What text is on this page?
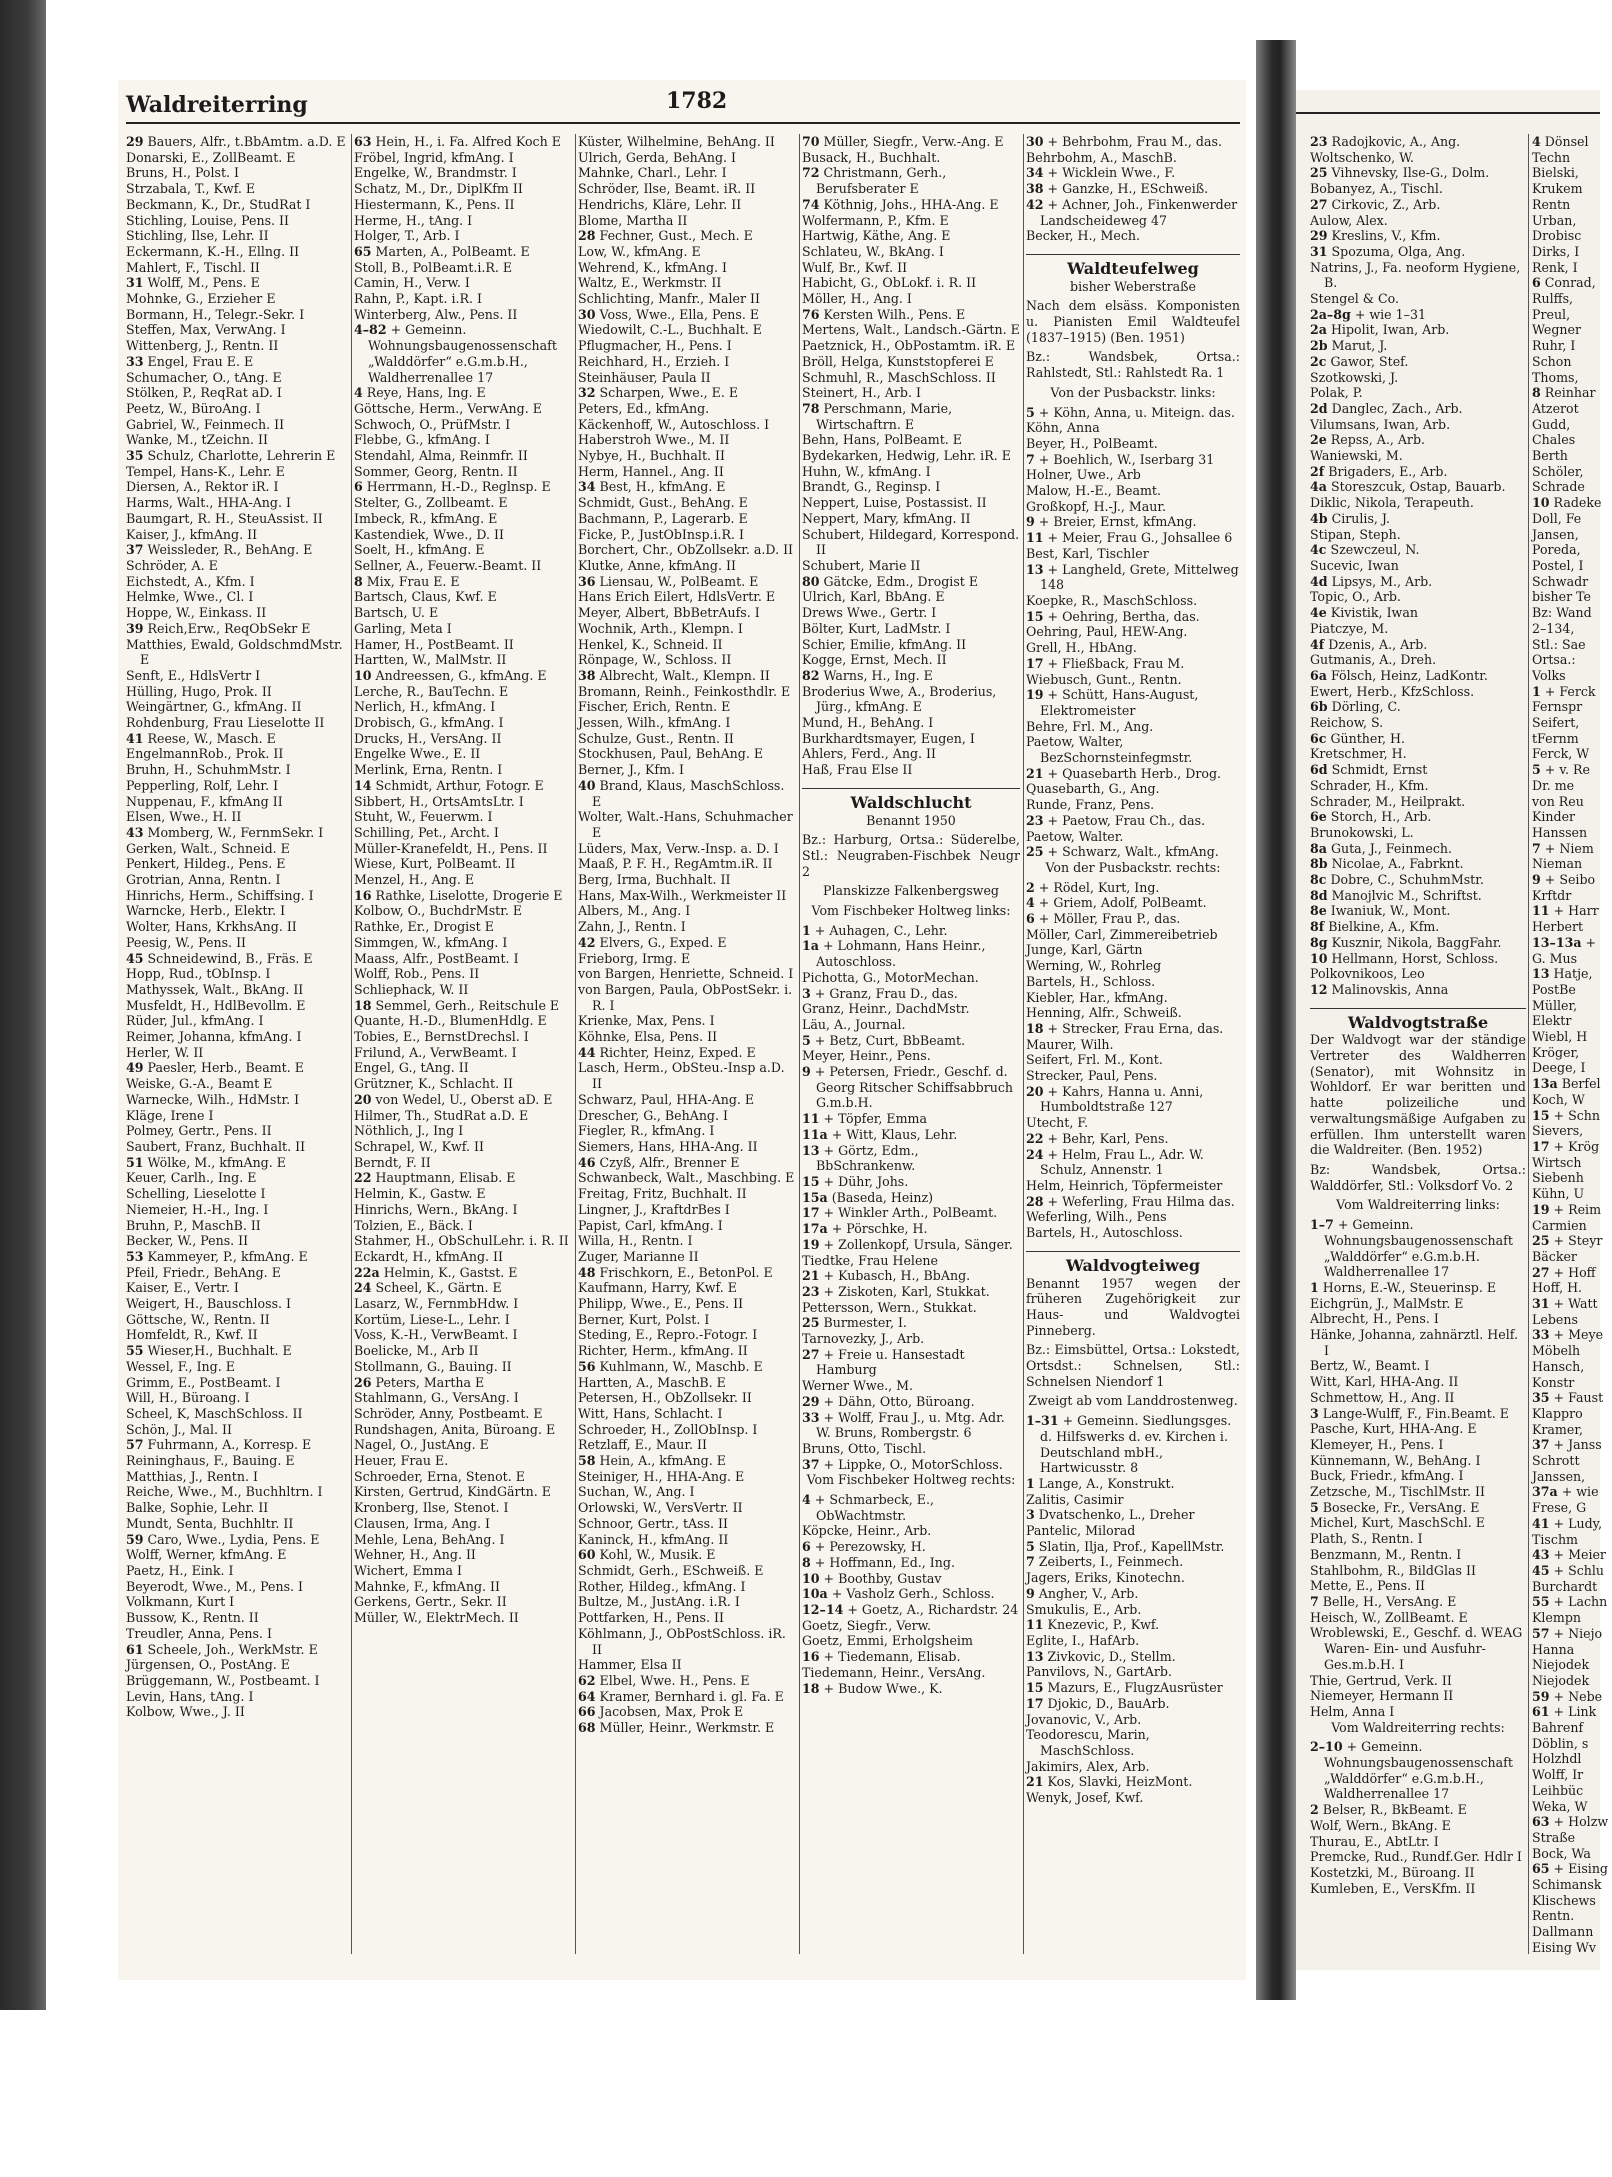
Waldreiterring	1782
29 Bauers, Alfr., t.BbAmtm. a.D. E
Donarski, E., ZollBeamt. E
Bruns, H., Polst. I
Strzabala, T., Kwf. E
Beckmann, K., Dr., StudRat I
Stichling, Louise, Pens. II
Stichling, Ilse, Lehr. II
Eckermann, K.-H., Ellng. II
Mahlert, F., Tischl. II
31 Wolff, M., Pens. E
Mohnke, G., Erzieher E
Bormann, H., Telegr.-Sekr. I
Steffen, Max, VerwAng. I
Wittenberg, J., Rentn. II
33 Engel, Frau E. E
Schumacher, O., tAng. E
Stölken, P., ReqRat aD. I
Peetz, W., BüroAng. I
Gabriel, W., Feinmech. II
Wanke, M., tZeichn. II
35 Schulz, Charlotte, Lehrerin E
Tempel, Hans-K., Lehr. E
Diersen, A., Rektor iR. I
Harms, Walt., HHA-Ang. I
Baumgart, R. H., SteuAssist. II
Kaiser, J., kfmAng. II
37 Weissleder, R., BehAng. E
Schröder, A. E
Eichstedt, A., Kfm. I
Helmke, Wwe., Cl. I
Hoppe, W., Einkass. II
39 Reich,Erw., ReqObSekr E
Matthies, Ewald, GoldschmdMstr. E
Senft, E., HdlsVertr I
Hülling, Hugo, Prok. II
Weingärtner, G., kfmAng. II
Rohdenburg, Frau Lieselotte II
41 Reese, W., Masch. E
EngelmannRob., Prok. II
Bruhn, H., SchuhmMstr. I
Pepperling, Rolf, Lehr. I
Nuppenau, F., kfmAng II
Elsen, Wwe., H. II
43 Momberg, W., FernmSekr. I
Gerken, Walt., Schneid. E
Penkert, Hildeg., Pens. E
Grotrian, Anna, Rentn. I
Hinrichs, Herm., Schiffsing. I
Warncke, Herb., Elektr. I
Wolter, Hans, KrkhsAng. II
Peesig, W., Pens. II
45 Schneidewind, B., Fräs. E
Hopp, Rud., tObInsp. I
Mathyssek, Walt., BkAng. II
Musfeldt, H., HdlBevollm. E
Rüder, Jul., kfmAng. I
Reimer, Johanna, kfmAng. I
Herler, W. II
49 Paesler, Herb., Beamt. E
Weiske, G.-A., Beamt E
Warnecke, Wilh., HdMstr. I
Kläge, Irene I
Polmey, Gertr., Pens. II
Saubert, Franz, Buchhalt. II
51 Wölke, M., kfmAng. E
Keuer, Carlh., Ing. E
Schelling, Lieselotte I
Niemeier, H.-H., Ing. I
Bruhn, P., MaschB. II
Becker, W., Pens. II
53 Kammeyer, P., kfmAng. E
Pfeil, Friedr., BehAng. E
Kaiser, E., Vertr. I
Weigert, H., Bauschloss. I
Göttsche, W., Rentn. II
Homfeldt, R., Kwf. II
55 Wieser,H., Buchhalt. E
Wessel, F., Ing. E
Grimm, E., PostBeamt. I
Will, H., Büroang. I
Scheel, K, MaschSchloss. II
Schön, J., Mal. II
57 Fuhrmann, A., Korresp. E
Reininghaus, F., Bauing. E
Matthias, J., Rentn. I
Reiche, Wwe., M., Buchhltrn. I
Balke, Sophie, Lehr. II
Mundt, Senta, Buchhltr. II
59 Caro, Wwe., Lydia, Pens. E
Wolff, Werner, kfmAng. E
Paetz, H., Eink. I
Beyerodt, Wwe., M., Pens. I
Volkmann, Kurt I
Bussow, K., Rentn. II
Treudler, Anna, Pens. I
61 Scheele, Joh., WerkMstr. E
Jürgensen, O., PostAng. E
Brüggemann, W., Postbeamt. I
Levin, Hans, tAng. I
Kolbow, Wwe., J. II
63 Hein, H., i. Fa. Alfred Koch E
Fröbel, Ingrid, kfmAng. I
Engelke, W., Brandmstr. I
Schatz, M., Dr., DiplKfm II
Hiestermann, K., Pens. II
Herme, H., tAng. I
Holger, T., Arb. I
65 Marten, A., PolBeamt. E
Stoll, B., PolBeamt.i.R. E
Camin, H., Verw. I
Rahn, P., Kapt. i.R. I
Winterberg, Alw., Pens. II
4–82 + Gemeinn. Wohnungsbaugenossenschaft „Walddörfer“ e.G.m.b.H., Waldherrenallee 17
4 Reye, Hans, Ing. E
Göttsche, Herm., VerwAng. E
Schwoch, O., PrüfMstr. I
Flebbe, G., kfmAng. I
Stendahl, Alma, Reinmfr. II
Sommer, Georg, Rentn. II
6 Herrmann, H.-D., Reglnsp. E
Stelter, G., Zollbeamt. E
Imbeck, R., kfmAng. E
Kastendiek, Wwe., D. II
Soelt, H., kfmAng. E
Sellner, A., Feuerw.-Beamt. II
8 Mix, Frau E. E
Bartsch, Claus, Kwf. E
Bartsch, U. E
Garling, Meta I
Hamer, H., PostBeamt. II
Hartten, W., MalMstr. II
10 Andreessen, G., kfmAng. E
Lerche, R., BauTechn. E
Nerlich, H., kfmAng. I
Drobisch, G., kfmAng. I
Drucks, H., VersAng. II
Engelke Wwe., E. II
Merlink, Erna, Rentn. I
14 Schmidt, Arthur, Fotogr. E
Sibbert, H., OrtsAmtsLtr. I
Stuht, W., Feuerwm. I
Schilling, Pet., Archt. I
Müller-Kranefeldt, H., Pens. II
Wiese, Kurt, PolBeamt. II
Menzel, H., Ang. E
16 Rathke, Liselotte, Drogerie E
Kolbow, O., BuchdrMstr. E
Rathke, Er., Drogist E
Simmgen, W., kfmAng. I
Maass, Alfr., PostBeamt. I
Wolff, Rob., Pens. II
Schliephack, W. II
18 Semmel, Gerh., Reitschule E
Quante, H.-D., BlumenHdlg. E
Tobies, E., BernstDrechsl. I
Frilund, A., VerwBeamt. I
Engel, G., tAng. II
Grützner, K., Schlacht. II
20 von Wedel, U., Oberst aD. E
Hilmer, Th., StudRat a.D. E
Nöthlich, J., Ing I
Schrapel, W., Kwf. II
Berndt, F. II
22 Hauptmann, Elisab. E
Helmin, K., Gastw. E
Hinrichs, Wern., BkAng. I
Tolzien, E., Bäck. I
Stahmer, H., ObSchulLehr. i. R. II
Eckardt, H., kfmAng. II
22a Helmin, K., Gastst. E
24 Scheel, K., Gärtn. E
Lasarz, W., FernmbHdw. I
Kortüm, Liese-L., Lehr. I
Voss, K.-H., VerwBeamt. I
Boelicke, M., Arb II
Stollmann, G., Bauing. II
26 Peters, Martha E
Stahlmann, G., VersAng. I
Schröder, Anny, Postbeamt. E
Rundshagen, Anita, Büroang. E
Nagel, O., JustAng. E
Heuer, Frau E.
Schroeder, Erna, Stenot. E
Kirsten, Gertrud, KindGärtn. E
Kronberg, Ilse, Stenot. I
Clausen, Irma, Ang. I
Mehle, Lena, BehAng. I
Wehner, H., Ang. II
Wichert, Emma I
Mahnke, F., kfmAng. II
Gerkens, Gertr., Sekr. II
Müller, W., ElektrMech. II
Küster, Wilhelmine, BehAng. II
Ulrich, Gerda, BehAng. I
Mahnke, Charl., Lehr. I
Schröder, Ilse, Beamt. iR. II
Hendrichs, Kläre, Lehr. II
Blome, Martha II
28 Fechner, Gust., Mech. E
Low, W., kfmAng. E
Wehrend, K., kfmAng. I
Waltz, E., Werkmstr. II
Schlichting, Manfr., Maler II
30 Voss, Wwe., Ella, Pens. E
Wiedowilt, C.-L., Buchhalt. E
Pflugmacher, H., Pens. I
Reichhard, H., Erzieh. I
Steinhäuser, Paula II
32 Scharpen, Wwe., E. E
Peters, Ed., kfmAng.
Käckenhoff, W., Autoschloss. I
Haberstroh Wwe., M. II
Nybye, H., Buchhalt. II
Herm, Hannel., Ang. II
34 Best, H., kfmAng. E
Schmidt, Gust., BehAng. E
Bachmann, P., Lagerarb. E
Ficke, P., JustObInsp.i.R. I
Borchert, Chr., ObZollsekr. a.D. II
Klutke, Anne, kfmAng. II
36 Liensau, W., PolBeamt. E
Hans Erich Eilert, HdlsVertr. E
Meyer, Albert, BbBetrAufs. I
Wochnik, Arth., Klempn. I
Henkel, K., Schneid. II
Rönpage, W., Schloss. II
38 Albrecht, Walt., Klempn. II
Bromann, Reinh., Feinkosthdlr. E
Fischer, Erich, Rentn. E
Jessen, Wilh., kfmAng. I
Schulze, Gust., Rentn. II
Stockhusen, Paul, BehAng. E
Berner, J., Kfm. I
40 Brand, Klaus, MaschSchloss. E
Wolter, Walt.-Hans, Schuhmacher E
Lüders, Max, Verw.-Insp. a. D. I
Maaß, P. F. H., RegAmtm.iR. II
Berg, Irma, Buchhalt. II
Hans, Max-Wilh., Werkmeister II
Albers, M., Ang. I
Zahn, J., Rentn. I
42 Elvers, G., Exped. E
Frieborg, Irmg. E
von Bargen, Henriette, Schneid. I
von Bargen, Paula, ObPostSekr. i. R. I
Krienke, Max, Pens. I
Köhnke, Elsa, Pens. II
44 Richter, Heinz, Exped. E
Lasch, Herm., ObSteu.-Insp a.D. II
Schwarz, Paul, HHA-Ang. E
Drescher, G., BehAng. I
Fiegler, R., kfmAng. I
Siemers, Hans, HHA-Ang. II
46 Czyß, Alfr., Brenner E
Schwanbeck, Walt., Maschbing. E
Freitag, Fritz, Buchhalt. II
Lingner, J., KraftdrBes I
Papist, Carl, kfmAng. I
Willa, H., Rentn. I
Zuger, Marianne II
48 Frischkorn, E., BetonPol. E
Kaufmann, Harry, Kwf. E
Philipp, Wwe., E., Pens. II
Berner, Kurt, Polst. I
Steding, E., Repro.-Fotogr. I
Richter, Herm., kfmAng. II
56 Kuhlmann, W., Maschb. E
Hartten, A., MaschB. E
Petersen, H., ObZollsekr. II
Witt, Hans, Schlacht. I
Schroeder, H., ZollObInsp. I
Retzlaff, E., Maur. II
58 Hein, A., kfmAng. E
Steiniger, H., HHA-Ang. E
Suchan, W., Ang. I
Orlowski, W., VersVertr. II
Schnoor, Gertr., tAss. II
Kaninck, H., kfmAng. II
60 Kohl, W., Musik. E
Schmidt, Gerh., ESchweiß. E
Rother, Hildeg., kfmAng. I
Bultze, M., JustAng. i.R. I
Pottfarken, H., Pens. II
Köhlmann, J., ObPostSchloss. iR. II
Hammer, Elsa II
62 Elbel, Wwe. H., Pens. E
64 Kramer, Bernhard i. gl. Fa. E
66 Jacobsen, Max, Prok E
68 Müller, Heinr., Werkmstr. E
70 Müller, Siegfr., Verw.-Ang. E
Busack, H., Buchhalt.
72 Christmann, Gerh., Berufsberater E
74 Köthnig, Johs., HHA-Ang. E
Wolfermann, P., Kfm. E
Hartwig, Käthe, Ang. E
Schlateu, W., BkAng. I
Wulf, Br., Kwf. II
Habicht, G., ObLokf. i. R. II
Möller, H., Ang. I
76 Kersten Wilh., Pens. E
Mertens, Walt., Landsch.-Gärtn. E
Paetznick, H., ObPostamtm. iR. E
Bröll, Helga, Kunststopferei E
Schmuhl, R., MaschSchloss. II
Steinert, H., Arb. I
78 Perschmann, Marie, Wirtschaftrn. E
Behn, Hans, PolBeamt. E
Bydekarken, Hedwig, Lehr. iR. E
Huhn, W., kfmAng. I
Brandt, G., Reginsp. I
Neppert, Luise, Postassist. II
Neppert, Mary, kfmAng. II
Schubert, Hildegard, Korrespond. II
Schubert, Marie II
80 Gätcke, Edm., Drogist E
Ulrich, Karl, BbAng. E
Drews Wwe., Gertr. I
Bölter, Kurt, LadMstr. I
Schier, Emilie, kfmAng. II
Kogge, Ernst, Mech. II
82 Warns, H., Ing. E
Broderius Wwe, A., Broderius, Jürg., kfmAng. E
Mund, H., BehAng. I
Burkhardtsmayer, Eugen, I
Ahlers, Ferd., Ang. II
Haß, Frau Else II
Waldschlucht
Benannt 1950
Bz.: Harburg, Ortsa.: Süderelbe, Stl.: Neugraben-Fischbek Neugr 2
Planskizze Falkenbergsweg
Vom Fischbeker Holtweg links:
1 + Auhagen, C., Lehr.
1a + Lohmann, Hans Heinr., Autoschloss.
Pichotta, G., MotorMechan.
3 + Granz, Frau D., das.
Granz, Heinr., DachdMstr.
Läu, A., Journal.
5 + Betz, Curt, BbBeamt.
Meyer, Heinr., Pens.
9 + Petersen, Friedr., Geschf. d. Georg Ritscher Schiffsabbruch G.m.b.H.
11 + Töpfer, Emma
11a + Witt, Klaus, Lehr.
13 + Görtz, Edm., BbSchrankenw.
15 + Dühr, Johs.
15a (Baseda, Heinz)
17 + Winkler Arth., PolBeamt.
17a + Pörschke, H.
19 + Zollenkopf, Ursula, Sänger.
Tiedtke, Frau Helene
21 + Kubasch, H., BbAng.
23 + Ziskoten, Karl, Stukkat.
Pettersson, Wern., Stukkat.
25 Burmester, I.
Tarnovezky, J., Arb.
27 + Freie u. Hansestadt Hamburg
Werner Wwe., M.
29 + Dähn, Otto, Büroang.
33 + Wolff, Frau J., u. Mtg. Adr. W. Bruns, Rombergstr. 6
Bruns, Otto, Tischl.
37 + Lippke, O., MotorSchloss.
Vom Fischbeker Holtweg rechts:
4 + Schmarbeck, E., ObWachtmstr.
Köpcke, Heinr., Arb.
6 + Perezowsky, H.
8 + Hoffmann, Ed., Ing.
10 + Boothby, Gustav
10a + Vasholz Gerh., Schloss.
12–14 + Goetz, A., Richardstr. 24
Goetz, Siegfr., Verw.
Goetz, Emmi, Erholgsheim
16 + Tiedemann, Elisab.
Tiedemann, Heinr., VersAng.
18 + Budow Wwe., K.
30 + Behrbohm, Frau M., das.
Behrbohm, A., MaschB.
34 + Wicklein Wwe., F.
38 + Ganzke, H., ESchweiß.
42 + Achner, Joh., Finkenwerder Landscheideweg 47
Becker, H., Mech.
Waldteufelweg
bisher Weberstraße
Nach dem elsäss. Komponisten u. Pianisten Emil Waldteufel (1837–1915) (Ben. 1951)
Bz.: Wandsbek, Ortsa.: Rahlstedt, Stl.: Rahlstedt Ra. 1
Von der Pusbackstr. links:
5 + Köhn, Anna, u. Miteign. das.
Köhn, Anna
Beyer, H., PolBeamt.
7 + Boehlich, W., Iserbarg 31
Holner, Uwe., Arb
Malow, H.-E., Beamt.
Großkopf, H.-J., Maur.
9 + Breier, Ernst, kfmAng.
11 + Meier, Frau G., Johsallee 6
Best, Karl, Tischler
13 + Langheld, Grete, Mittelweg 148
Koepke, R., MaschSchloss.
15 + Oehring, Bertha, das.
Oehring, Paul, HEW-Ang.
Grell, H., HbAng.
17 + Fließback, Frau M.
Wiebusch, Gunt., Rentn.
19 + Schütt, Hans-August, Elektromeister
Behre, Frl. M., Ang.
Paetow, Walter, BezSchornsteinfegmstr.
21 + Quasebarth Herb., Drog.
Quasebarth, G., Ang.
Runde, Franz, Pens.
23 + Paetow, Frau Ch., das.
Paetow, Walter.
25 + Schwarz, Walt., kfmAng.
Von der Pusbackstr. rechts:
2 + Rödel, Kurt, Ing.
4 + Griem, Adolf, PolBeamt.
6 + Möller, Frau P., das.
Möller, Carl, Zimmereibetrieb
Junge, Karl, Gärtn
Werning, W., Rohrleg
Bartels, H., Schloss.
Kiebler, Har., kfmAng.
Henning, Alfr., Schweiß.
18 + Strecker, Frau Erna, das.
Maurer, Wilh.
Seifert, Frl. M., Kont.
Strecker, Paul, Pens.
20 + Kahrs, Hanna u. Anni, Humboldtstraße 127
Utecht, F.
22 + Behr, Karl, Pens.
24 + Helm, Frau L., Adr. W. Schulz, Annenstr. 1
Helm, Heinrich, Töpfermeister
28 + Weferling, Frau Hilma das.
Weferling, Wilh., Pens
Bartels, H., Autoschloss.
Waldvogteiweg
Benannt 1957 wegen der früheren Zugehörigkeit zur Haus- und Waldvogtei Pinneberg.
Bz.: Eimsbüttel, Ortsa.: Lokstedt, Ortsdst.: Schnelsen, Stl.: Schnelsen Niendorf 1
Zweigt ab vom Landdrostenweg.
1–31 + Gemeinn. Siedlungsges. d. Hilfswerks d. ev. Kirchen i. Deutschland mbH., Hartwicusstr. 8
1 Lange, A., Konstrukt.
Zalitis, Casimir
3 Dvatschenko, L., Dreher
Pantelic, Milorad
5 Slatin, Ilja, Prof., KapellMstr.
7 Zeiberts, I., Feinmech.
Jagers, Eriks, Kinotechn.
9 Angher, V., Arb.
Smukulis, E., Arb.
11 Knezevic, P., Kwf.
Eglite, I., HafArb.
13 Zivkovic, D., Stellm.
Panvilovs, N., GartArb.
15 Mazurs, E., FlugzAusrüster
17 Djokic, D., BauArb.
Jovanovic, V., Arb.
Teodorescu, Marin, MaschSchloss.
Jakimirs, Alex, Arb.
21 Kos, Slavki, HeizMont.
Wenyk, Josef, Kwf.
23 Radojkovic, A., Ang.
Woltschenko, W.
25 Vihnevsky, Ilse-G., Dolm.
Bobanyez, A., Tischl.
27 Cirkovic, Z., Arb.
Aulow, Alex.
29 Kreslins, V., Kfm.
31 Spozuma, Olga, Ang.
Natrins, J., Fa. neoform Hygiene, B.
Stengel & Co.
2a–8g + wie 1–31
2a Hipolit, Iwan, Arb.
2b Marut, J.
2c Gawor, Stef.
Szotkowski, J.
Polak, P.
2d Danglec, Zach., Arb.
Vilumsans, Iwan, Arb.
2e Repss, A., Arb.
Waniewski, M.
2f Brigaders, E., Arb.
4a Storeszcuk, Ostap, Bauarb.
Diklic, Nikola, Terapeuth.
4b Cirulis, J.
Stipan, Steph.
4c Szewczeul, N.
Sucevic, Iwan
4d Lipsys, M., Arb.
Topic, O., Arb.
4e Kivistik, Iwan
Piatczye, M.
4f Dzenis, A., Arb.
Gutmanis, A., Dreh.
6a Fölsch, Heinz, LadKontr.
Ewert, Herb., KfzSchloss.
6b Dörling, C.
Reichow, S.
6c Günther, H.
Kretschmer, H.
6d Schmidt, Ernst
Schrader, H., Kfm.
Schrader, M., Heilprakt.
6e Storch, H., Arb.
Brunokowski, L.
8a Guta, J., Feinmech.
8b Nicolae, A., Fabrknt.
8c Dobre, C., SchuhmMstr.
8d Manojlvic M., Schriftst.
8e Iwaniuk, W., Mont.
8f Bielkine, A., Kfm.
8g Kusznir, Nikola, BaggFahr.
10 Hellmann, Horst, Schloss.
Polkovnikoos, Leo
12 Malinovskis, Anna
Waldvogtstraße
Der Waldvogt war der ständige Vertreter des Waldherren (Senator), mit Wohnsitz in Wohldorf. Er war beritten und hatte polizeiliche und verwaltungsmäßige Aufgaben zu erfüllen. Ihm unterstellt waren die Waldreiter. (Ben. 1952)
Bz: Wandsbek, Ortsa.: Walddörfer, Stl.: Volksdorf Vo. 2
Vom Waldreiterring links:
1–7 + Gemeinn. Wohnungsbaugenossenschaft „Walddörfer“ e.G.m.b.H. Waldherrenallee 17
1 Horns, E.-W., Steuerinsp. E
Eichgrün, J., MalMstr. E
Albrecht, H., Pens. I
Hänke, Johanna, zahnärztl. Helf. I
Bertz, W., Beamt. I
Witt, Karl, HHA-Ang. II
Schmettow, H., Ang. II
3 Lange-Wulff, F., Fin.Beamt. E
Pasche, Kurt, HHA-Ang. E
Klemeyer, H., Pens. I
Künnemann, W., BehAng. I
Buck, Friedr., kfmAng. I
Zetzsche, M., TischlMstr. II
5 Bosecke, Fr., VersAng. E
Michel, Kurt, MaschSchl. E
Plath, S., Rentn. I
Benzmann, M., Rentn. I
Stahlbohm, R., BildGlas II
Mette, E., Pens. II
7 Belle, H., VersAng. E
Heisch, W., ZollBeamt. E
Wroblewski, E., Geschf. d. WEAG Waren- Ein- und Ausfuhr- Ges.m.b.H. I
Thie, Gertrud, Verk. II
Niemeyer, Hermann II
Helm, Anna I
Vom Waldreiterring rechts:
2–10 + Gemeinn. Wohnungsbaugenossenschaft „Walddörfer“ e.G.m.b.H., Waldherrenallee 17
2 Belser, R., BkBeamt. E
Wolf, Wern., BkAng. E
Thurau, E., AbtLtr. I
Premcke, Rud., Rundf.Ger. Hdlr I
Kostetzki, M., Büroang. II
Kumleben, E., VersKfm. II
4 Dönsel
Techn
Bielski,
Krukem
Rentn
Urban,
Drobisc
Dirks, I
Renk, I
6 Conrad,
Rulffs,
Preul,
Wegner
Ruhr, I
Schon
Thoms,
8 Reinhar
Atzerot
Gudd,
Chales
Berth
Schöler,
Schrade
10 Radeke
Doll, Fe
Jansen,
Poreda,
Postel, I
Schwadr
bisher Te
Bz: Wand
2–134,
Stl.: Sae
Ortsa.:
Volks
1 + Ferck
Fernspr
Seifert,
tFernm
Ferck, W
5 + v. Re
Dr. me
von Reu
Kinder
Hanssen
7 + Niem
Nieman
9 + Seibo
Krftdr
11 + Harr
Herbert
13–13a +
G. Mus
13 Hatje,
PostBe
Müller,
Elektr
Wiebl, H
Kröger,
Deege, I
13a Berfel
Koch, W
15 + Schn
Sievers,
17 + Krög
Wirtsch
Siebenh
Kühn, U
19 + Reim
Carmien
25 + Steyr
Bäcker
27 + Hoff
Hoff, H.
31 + Watt
Lebens
33 + Meye
Möbelh
Hansch,
Konstr
35 + Faust
Klappro
Kramer,
37 + Janss
Schrott
Janssen,
37a + wie
Frese, G
41 + Ludy,
Tischm
43 + Meier
45 + Schlu
Burchardt
55 + Lachn
Klempn
57 + Niejo
Hanna
Niejodek
Niejodek
59 + Nebe
61 + Link
Bahrenf
Döblin, s
Holzhdl
Wolff, Ir
Leihbüc
Weka, W
63 + Holzw
Straße
Bock, Wa
65 + Eising
Schimansk
Klischews
Rentn.
Dallmann
Eising Wv
